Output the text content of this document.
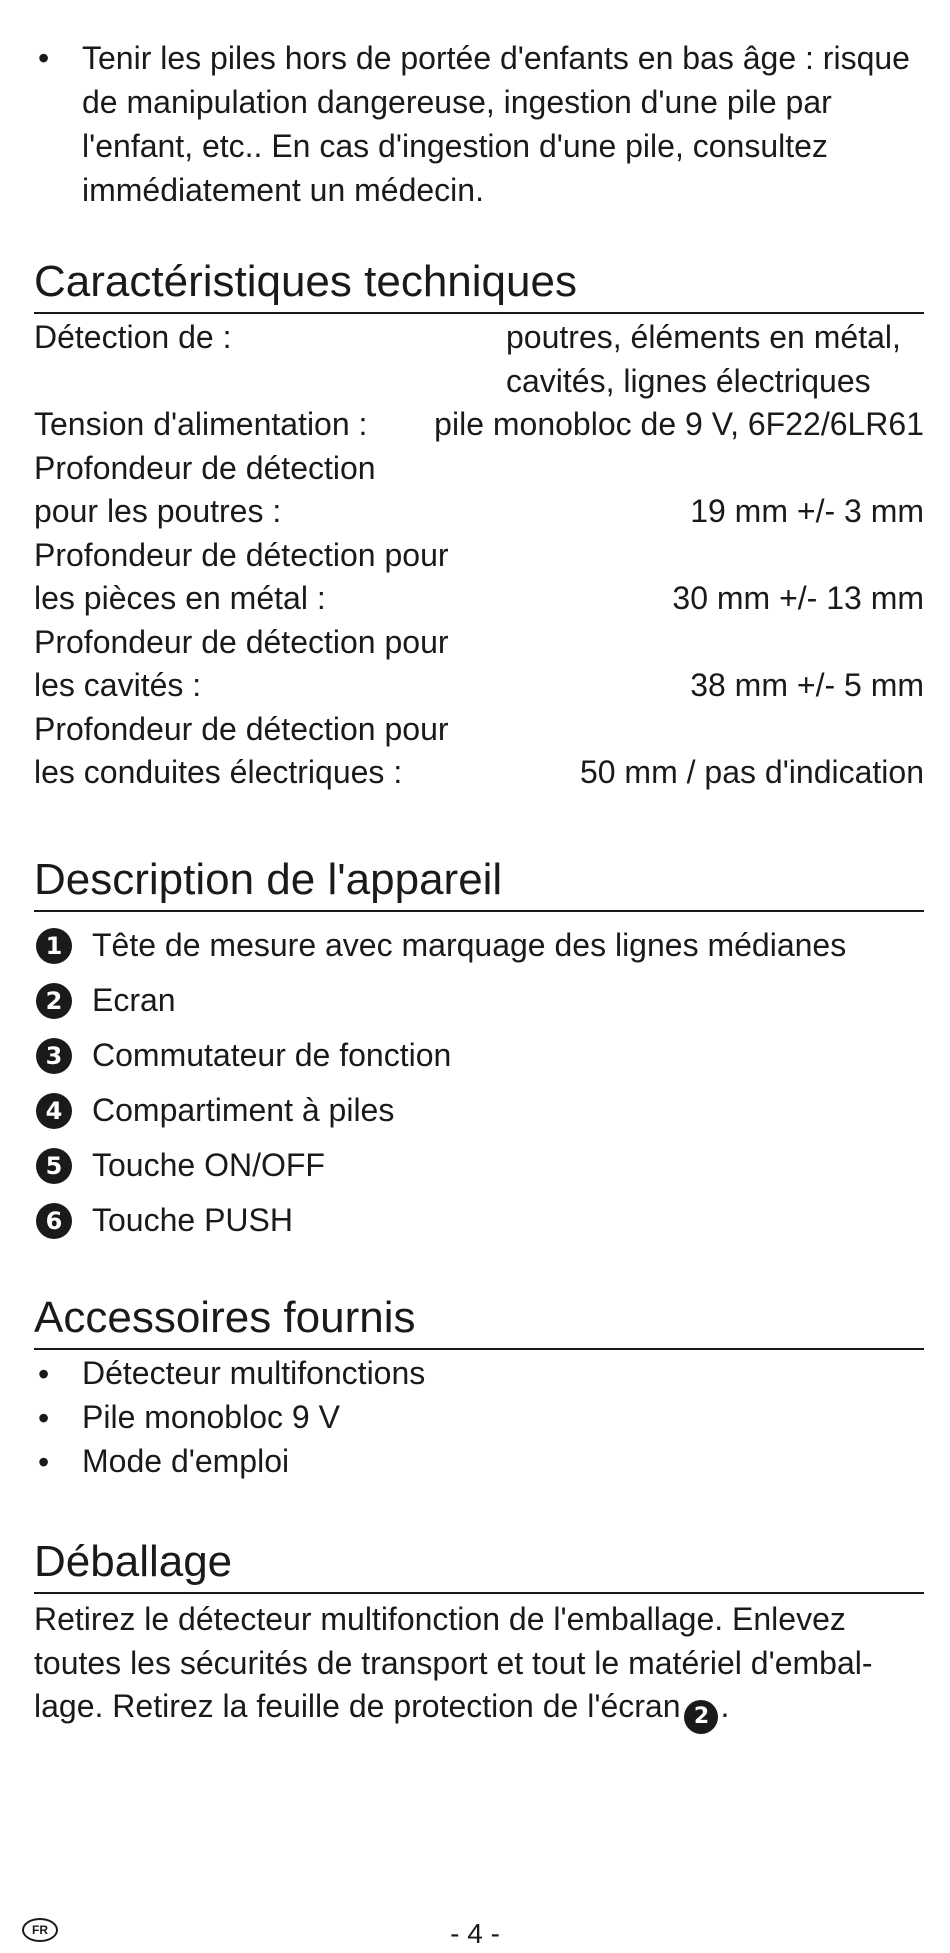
•	Tenir les piles hors de portée d'enfants en bas âge : risque de manipulation dangereuse, ingestion d'une pile par l'enfant, etc.. En cas d'ingestion d'une pile, consultez immédiatement un médecin.
Caractéristiques techniques
Détection de :	poutres, éléments en métal,
cavités, lignes électriques
Tension d'alimentation :	pile monobloc de 9 V, 6F22/6LR61
Profondeur de détection
pour les poutres :	19 mm +/- 3 mm
Profondeur de détection pour
les pièces en métal :	30 mm +/- 13 mm
Profondeur de détection pour
les cavités :	38 mm +/- 5 mm
Profondeur de détection pour
les conduites électriques :	50 mm / pas d'indication
Description de l'appareil
1 Tête de mesure avec marquage des lignes médianes
2 Ecran
3 Commutateur de fonction
4 Compartiment à piles
5 Touche ON/OFF
6 Touche PUSH
Accessoires fournis
•	Détecteur multifonctions
•	Pile monobloc 9 V
•	Mode d'emploi
Déballage
Retirez le détecteur multifonction de l'emballage. Enlevez
toutes les sécurités de transport et tout le matériel d'embal-
lage. Retirez la feuille de protection de l'écran 2 .
FR	- 4 -
